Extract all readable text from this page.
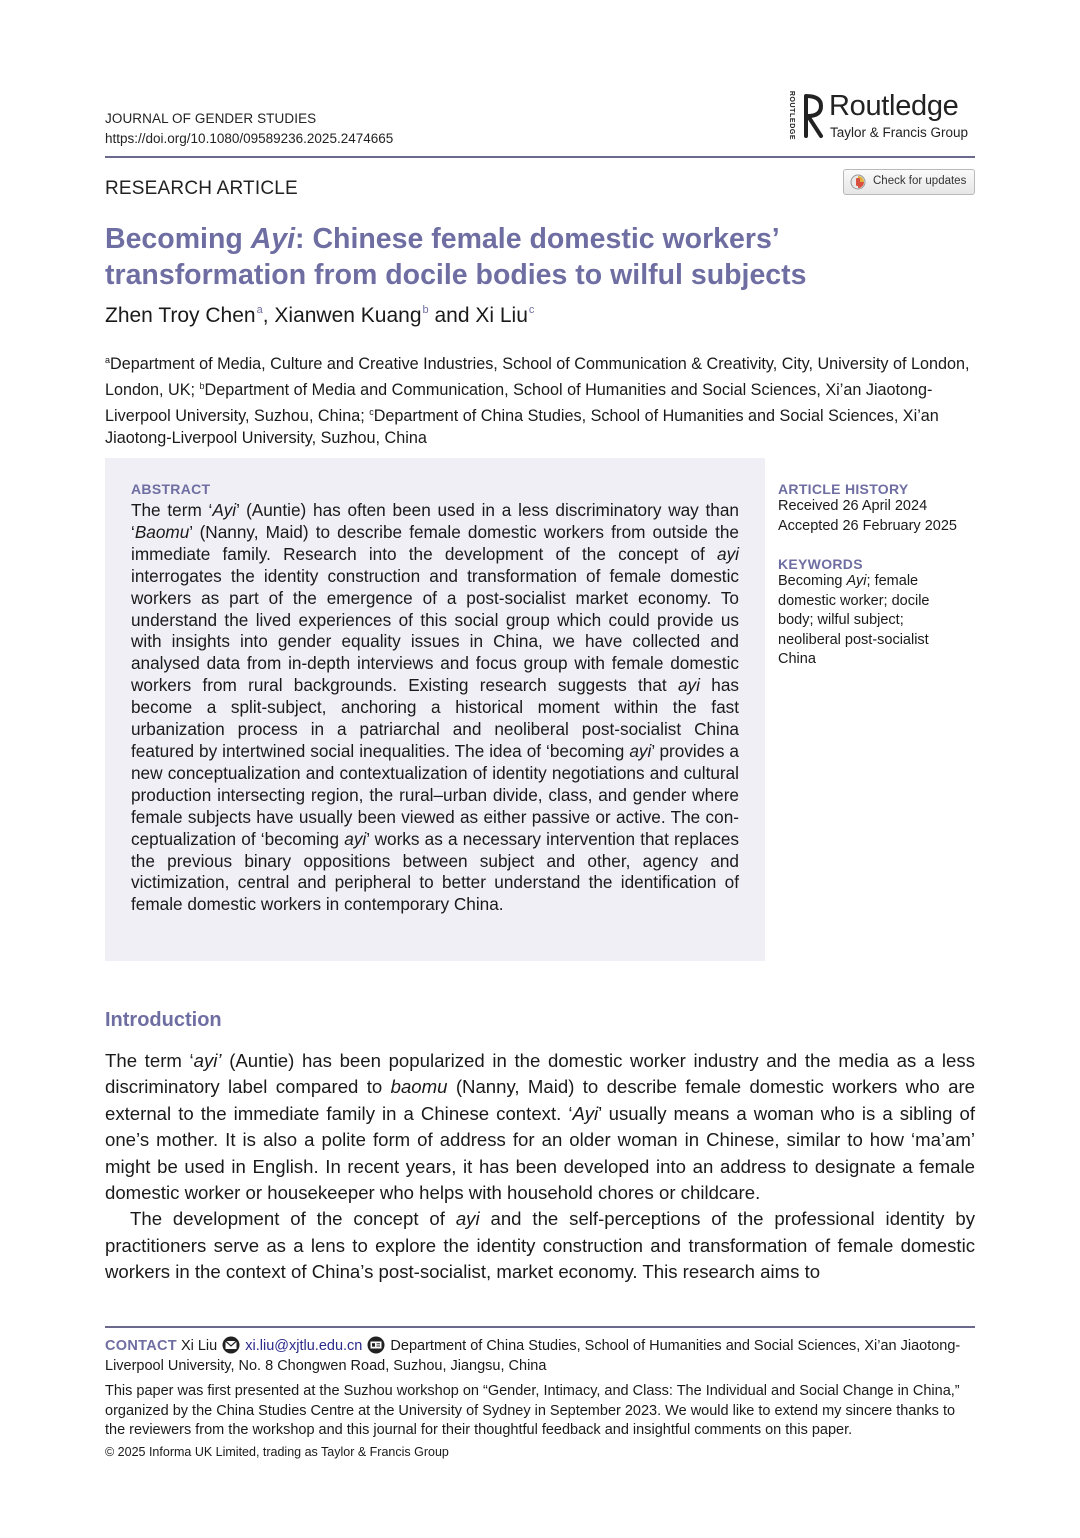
JOURNAL OF GENDER STUDIES
https://doi.org/10.1080/09589236.2025.2474665	ROUTLEDGE Routledge
Taylor & Francis Group
RESEARCH ARTICLE	Check for updates
Becoming Ayi: Chinese female domestic workers’ transformation from docile bodies to wilful subjects
Zhen Troy Chen$^a$, Xianwen Kuang$^b$ and Xi Liu$^c$
$^a$Department of Media, Culture and Creative Industries, School of Communication & Creativity, City, University of London, London, UK; $^b$Department of Media and Communication, School of Humanities and Social Sciences, Xi’an Jiaotong-Liverpool University, Suzhou, China; $^c$Department of China Studies, School of Humanities and Social Sciences, Xi’an Jiaotong-Liverpool University, Suzhou, China
ABSTRACT
The term ‘Ayi’ (Auntie) has often been used in a less discriminatory way than ‘Baomu’ (Nanny, Maid) to describe female domestic workers from outside the immediate family. Research into the development of the concept of ayi interrogates the identity construction and transformation of female domestic workers as part of the emergence of a post-socialist market economy. To understand the lived experiences of this social group which could provide us with insights into gender equality issues in China, we have collected and analysed data from in-depth interviews and focus group with female domestic workers from rural backgrounds. Existing research suggests that ayi has become a split-subject, anchoring a historical moment within the fast urbanization process in a patriarchal and neoliberal post-socialist China featured by intertwined social inequalities. The idea of ‘becoming ayi’ provides a new conceptualization and contextualization of identity negotiations and cultural production intersecting region, the rural–urban divide, class, and gender where female subjects have usually been viewed as either passive or active. The conceptualization of ‘becoming ayi’ works as a necessary intervention that replaces the previous binary oppositions between subject and other, agency and victimization, central and peripheral to better understand the identification of female domestic workers in contemporary China.
ARTICLE HISTORY
Received 26 April 2024
Accepted 26 February 2025
KEYWORDS
Becoming Ayi; female domestic worker; docile body; wilful subject; neoliberal post-socialist China
Introduction

The term ‘ayi’ (Auntie) has been popularized in the domestic worker industry and the media as a less discriminatory label compared to baomu (Nanny, Maid) to describe female domestic workers who are external to the immediate family in a Chinese context. ‘Ayi’ usually means a woman who is a sibling of one’s mother. It is also a polite form of address for an older woman in Chinese, similar to how ‘ma’am’ might be used in English. In recent years, it has been developed into an address to designate a female domestic worker or housekeeper who helps with household chores or childcare.

The development of the concept of ayi and the self-perceptions of the professional identity by practitioners serve as a lens to explore the identity construction and transformation of female domestic workers in the context of China’s post-socialist, market economy. This research aims to

CONTACT Xi Liu xi.liu@xjtlu.edu.cn Department of China Studies, School of Humanities and Social Sciences, Xi’an Jiaotong-Liverpool University, No. 8 Chongwen Road, Suzhou, Jiangsu, China
This paper was first presented at the Suzhou workshop on “Gender, Intimacy, and Class: The Individual and Social Change in China,” organized by the China Studies Centre at the University of Sydney in September 2023. We would like to extend my sincere thanks to the reviewers from the workshop and this journal for their thoughtful feedback and insightful comments on this paper.
© 2025 Informa UK Limited, trading as Taylor & Francis Group
